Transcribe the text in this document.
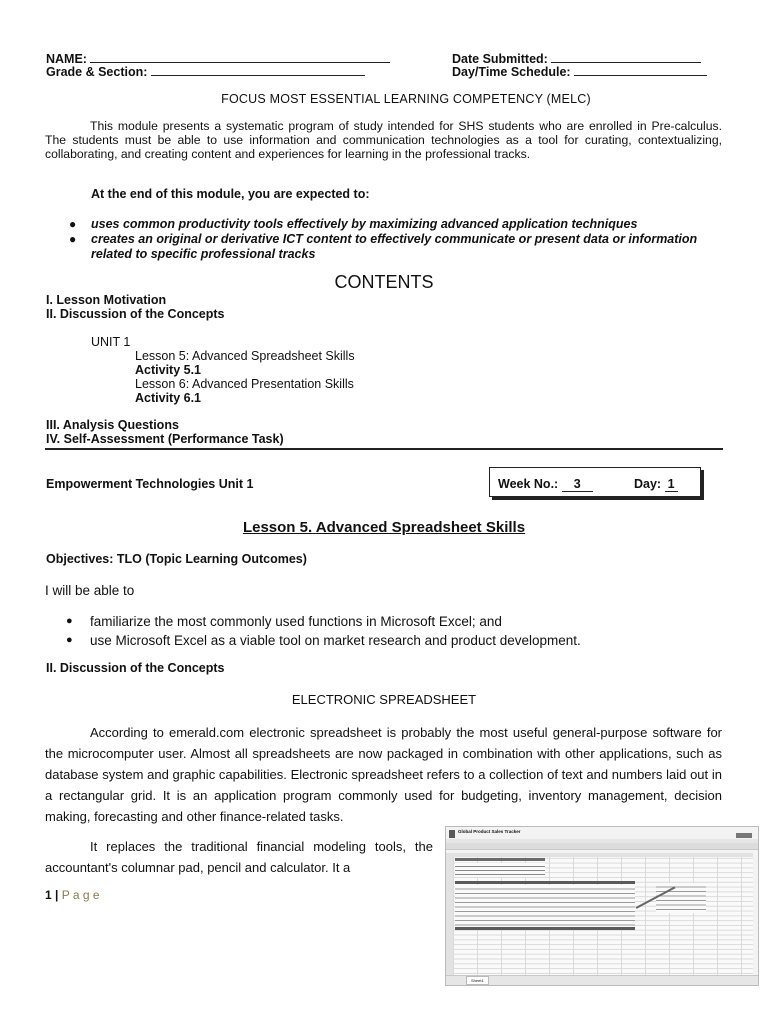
NAME:	Date Submitted:
Grade & Section:	Day/Time Schedule:
FOCUS MOST ESSENTIAL LEARNING COMPETENCY (MELC)
This module presents a systematic program of study intended for SHS students who are enrolled in Pre-calculus. The students must be able to use information and communication technologies as a tool for curating, contextualizing, collaborating, and creating content and experiences for learning in the professional tracks.
At the end of this module, you are expected to:
● uses common productivity tools effectively by maximizing advanced application techniques
● creates an original or derivative ICT content to effectively communicate or present data or information related to specific professional tracks
CONTENTS
I. Lesson Motivation
II. Discussion of the Concepts
UNIT 1
Lesson 5: Advanced Spreadsheet Skills
Activity 5.1
Lesson 6: Advanced Presentation Skills
Activity 6.1
III. Analysis Questions
IV. Self-Assessment (Performance Task)
Empowerment Technologies Unit 1	Week No.: 3	Day: 1
Lesson 5. Advanced Spreadsheet Skills
Objectives: TLO (Topic Learning Outcomes)
I will be able to
● familiarize the most commonly used functions in Microsoft Excel; and
● use Microsoft Excel as a viable tool on market research and product development.
II. Discussion of the Concepts
ELECTRONIC SPREADSHEET
According to emerald.com electronic spreadsheet is probably the most useful general-purpose software for the microcomputer user. Almost all spreadsheets are now packaged in combination with other applications, such as database system and graphic capabilities. Electronic spreadsheet refers to a collection of text and numbers laid out in a rectangular grid. It is an application program commonly used for budgeting, inventory management, decision making, forecasting and other finance-related tasks.
It replaces the traditional financial modeling tools, the accountant's columnar pad, pencil and calculator. It a
1 | P a g e
Global Product Sales Tracker
Sheet1
